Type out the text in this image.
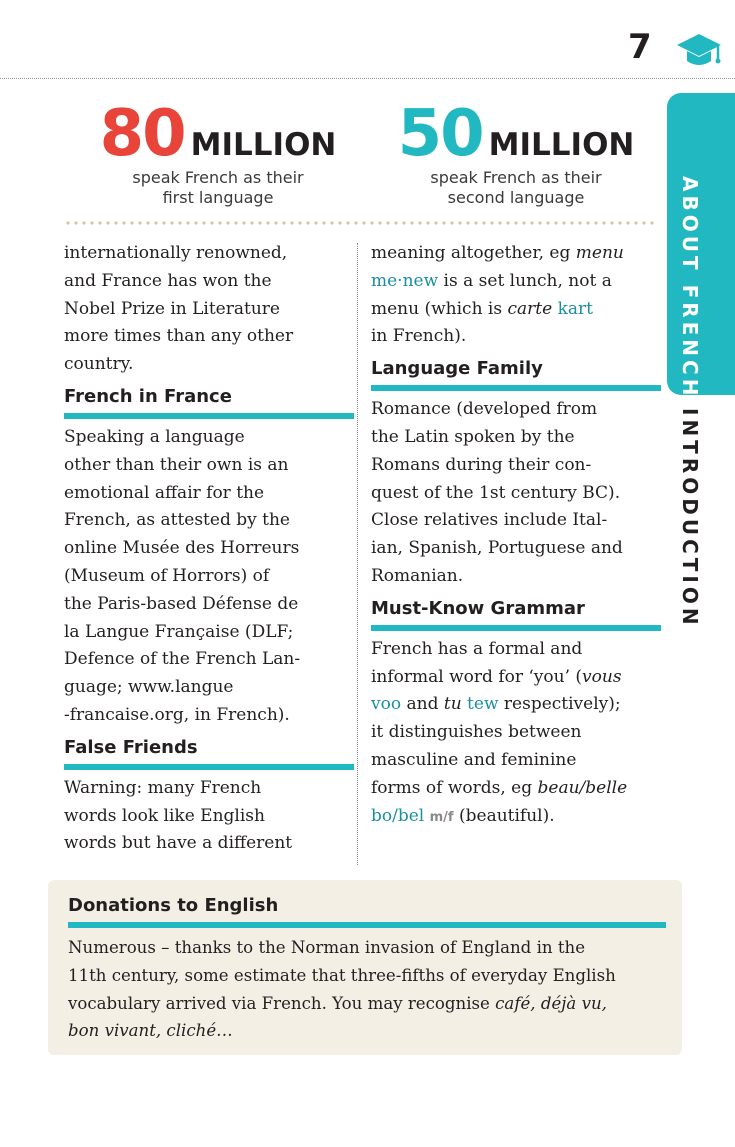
7
80 MILLION
speak French as their
first language
50 MILLION
speak French as their
second language	ABOUT FRENCH
INTRODUCTION

internationally renowned,
and France has won the
Nobel Prize in Literature
more times than any other
country.

French in France

Speaking a language
other than their own is an
emotional affair for the
French, as attested by the
online Musée des Horreurs
(Museum of Horrors) of
the Paris-based Défense de
la Langue Française (DLF;
Defence of the French Lan-
guage; www.langue
-francaise.org, in French).

False Friends

Warning: many French
words look like English
words but have a different

meaning altogether, eg menu
me·new is a set lunch, not a
menu (which is carte kart
in French).

Language Family

Romance (developed from
the Latin spoken by the
Romans during their con-
quest of the 1st century BC).
Close relatives include Ital-
ian, Spanish, Portuguese and
Romanian.

Must-Know Grammar

French has a formal and
informal word for ‘you’ (vous
voo and tu tew respectively);
it distinguishes between
masculine and feminine
forms of words, eg beau/belle
bo/bel m/f (beautiful).

Donations to English

Numerous – thanks to the Norman invasion of England in the
11th century, some estimate that three-fifths of everyday English
vocabulary arrived via French. You may recognise café, déjà vu,
bon vivant, cliché…
